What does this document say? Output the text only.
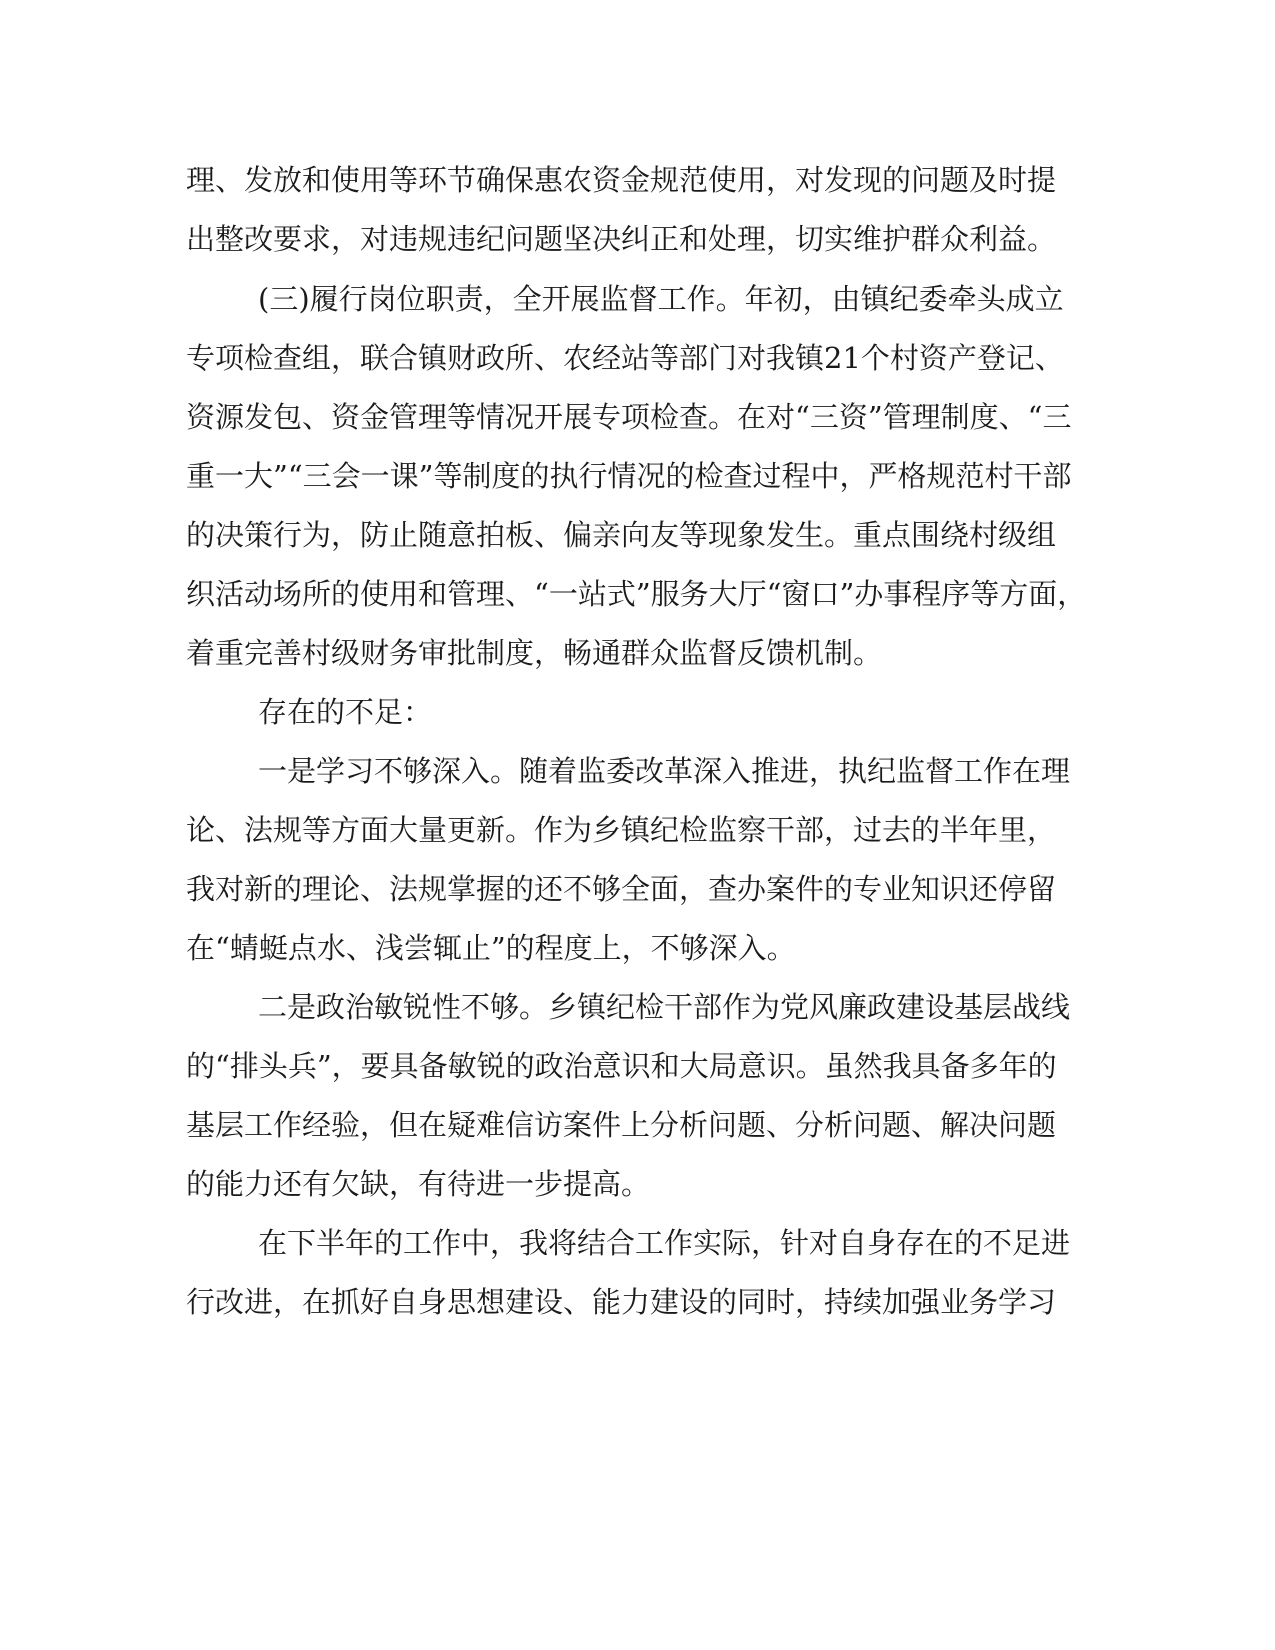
理、发放和使用等环节确保惠农资金规范使用，对发现的问题及时提
出整改要求，对违规违纪问题坚决纠正和处理，切实维护群众利益。
(三)履行岗位职责，全开展监督工作。年初，由镇纪委牵头成立
专项检查组，联合镇财政所、农经站等部门对我镇21个村资产登记、
资源发包、资金管理等情况开展专项检查。在对“三资”管理制度、“三
重一大”“三会一课”等制度的执行情况的检查过程中，严格规范村干部
的决策行为，防止随意拍板、偏亲向友等现象发生。重点围绕村级组
织活动场所的使用和管理、“一站式”服务大厅“窗口”办事程序等方面，
着重完善村级财务审批制度，畅通群众监督反馈机制。
存在的不足：
一是学习不够深入。随着监委改革深入推进，执纪监督工作在理
论、法规等方面大量更新。作为乡镇纪检监察干部，过去的半年里，
我对新的理论、法规掌握的还不够全面，查办案件的专业知识还停留
在“蜻蜓点水、浅尝辄止”的程度上，不够深入。
二是政治敏锐性不够。乡镇纪检干部作为党风廉政建设基层战线
的“排头兵”，要具备敏锐的政治意识和大局意识。虽然我具备多年的
基层工作经验，但在疑难信访案件上分析问题、分析问题、解决问题
的能力还有欠缺，有待进一步提高。
在下半年的工作中，我将结合工作实际，针对自身存在的不足进
行改进，在抓好自身思想建设、能力建设的同时，持续加强业务学习
